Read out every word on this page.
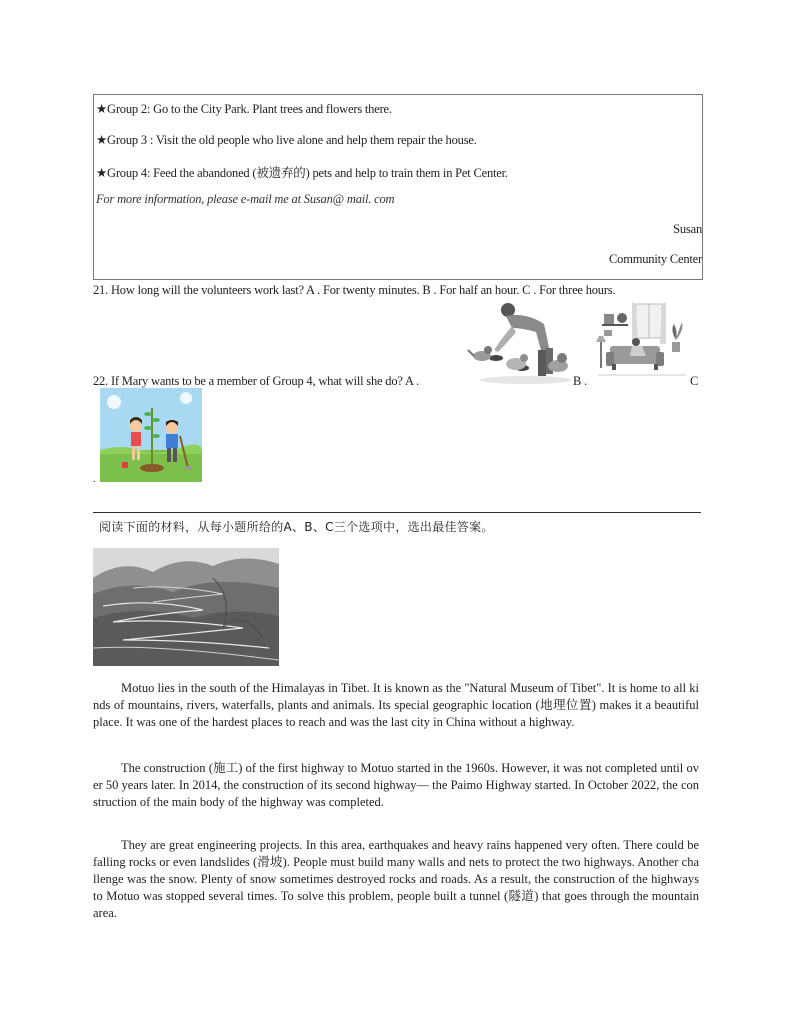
★Group 2: Go to the City Park. Plant trees and flowers there.
★Group 3 : Visit the old people who live alone and help them repair the house.
★Group 4: Feed the abandoned (被遗弃的) pets and help to train them in Pet Center.
For more information, please e-mail me at Susan@ mail. com
Susan
Community Center
21. How long will the volunteers work last? A . For twenty minutes. B . For half an hour. C . For three hours.
22. If Mary wants to be a member of Group 4, what will she do? A .	B .	C
.
阅读下面的材料，从每小题所给的A、B、C三个选项中，选出最佳答案。

Motuo lies in the south of the Himalayas in Tibet. It is known as the "Natural Museum of Tibet". It is home to all kinds of mountains, rivers, waterfalls, plants and animals. Its special geographic location (地理位置) makes it a beautiful place. It was one of the hardest places to reach and was the last city in China without a highway.

The construction (施工) of the first highway to Motuo started in the 1960s. However, it was not completed until over 50 years later. In 2014, the construction of its second highway— the Paimo Highway started. In October 2022, the construction of the main body of the highway was completed.

They are great engineering projects. In this area, earthquakes and heavy rains happened very often. There could be falling rocks or even landslides (滑坡). People must build many walls and nets to protect the two highways. Another challenge was the snow. Plenty of snow sometimes destroyed rocks and roads. As a result, the construction of the highways to Motuo was stopped several times. To solve this problem, people built a tunnel (隧道) that goes through the mountain area.
